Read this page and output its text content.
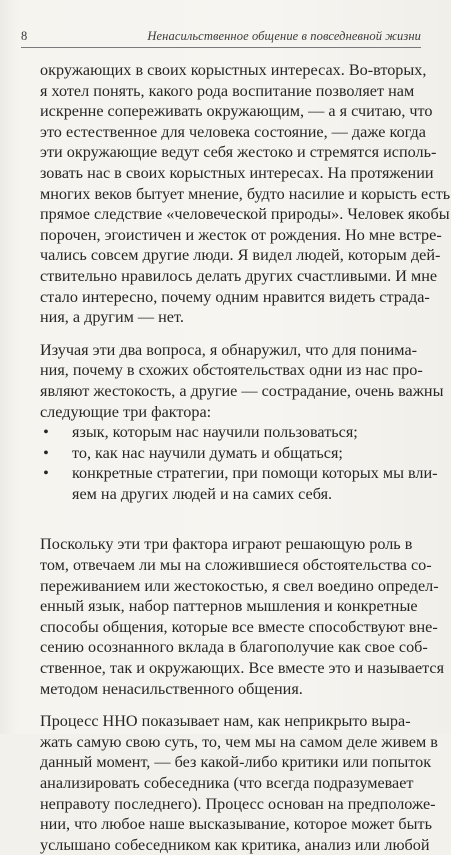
8	Ненасильственное общение в повседневной жизни
окружающих в своих корыстных интересах. Во-вторых,
я хотел понять, какого рода воспитание позволяет нам
искренне сопереживать окружающим, — а я считаю, что
это естественное для человека состояние, — даже когда
эти окружающие ведут себя жестоко и стремятся исполь-
зовать нас в своих корыстных интересах. На протяжении
многих веков бытует мнение, будто насилие и корысть есть
прямое следствие «человеческой природы». Человек якобы
порочен, эгоистичен и жесток от рождения. Но мне встре-
чались совсем другие люди. Я видел людей, которым дей-
ствительно нравилось делать других счастливыми. И мне
стало интересно, почему одним нравится видеть страда-
ния, а другим — нет.
Изучая эти два вопроса, я обнаружил, что для понима-
ния, почему в схожих обстоятельствах одни из нас про-
являют жестокость, а другие — сострадание, очень важны
следующие три фактора:
• язык, которым нас научили пользоваться;
• то, как нас научили думать и общаться;
• конкретные стратегии, при помощи которых мы вли-
яем на других людей и на самих себя.
Поскольку эти три фактора играют решающую роль в
том, отвечаем ли мы на сложившиеся обстоятельства со-
переживанием или жестокостью, я свел воедино определ-
енный язык, набор паттернов мышления и конкретные
способы общения, которые все вместе способствуют вне-
сению осознанного вклада в благополучие как свое соб-
ственное, так и окружающих. Все вместе это и называется
методом ненасильственного общения.
Процесс ННО показывает нам, как неприкрыто выра-
жать самую свою суть, то, чем мы на самом деле живем в
данный момент, — без какой-либо критики или попыток
анализировать собеседника (что всегда подразумевает
неправоту последнего). Процесс основан на предположе-
нии, что любое наше высказывание, которое может быть
услышано собеседником как критика, анализ или любой
